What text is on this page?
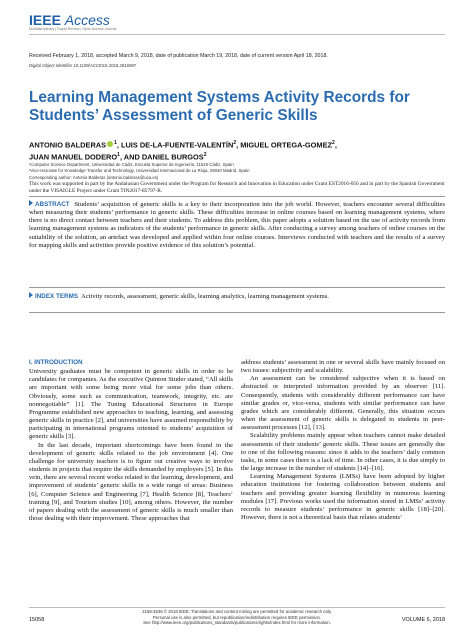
IEEE Access
Multidisciplinary | Rapid Review | Open Access Journal
Received February 1, 2018, accepted March 9, 2018, date of publication March 19, 2018, date of current version April 18, 2018.
Digital Object Identifier 10.1109/ACCESS.2018.2816987
Learning Management Systems Activity Records for Students’ Assessment of Generic Skills
ANTONIO BALDERAS $^1$, LUIS DE-LA-FUENTE-VALENTÍN$^2$, MIGUEL ORTEGA-GOMEZ$^2$,
JUAN MANUEL DODERO$^1$, AND DANIEL BURGOS$^2$
¹Computer Science Department, Universidad de Cádiz, Escuela Superior de Ingeniería, 11519 Cádiz, Spain
²Vice-rectorate for Knowledge Transfer and Technology, Universidad Internacional de La Rioja, 28040 Madrid, Spain
Corresponding author: Antonio Balderas (antonio.balderas@uca.es)
This work was supported in part by the Andalusian Government under the Program for Research and Innovation in Education under Grant EST2016-056 and in part by the Spanish Government under the VISAIGLE Project under Grant TIN2017-85797-R.
ABSTRACT Students’ acquisition of generic skills is a key to their incorporation into the job world. However, teachers encounter several difficulties when measuring their students’ performance in generic skills. These difficulties increase in online courses based on learning management systems, where there is no direct contact between teachers and their students. To address this problem, this paper adopts a solution based on the use of activity records from learning management systems as indicators of the students’ performance in generic skills. After conducting a survey among teachers of online courses on the suitability of the solution, an artefact was developed and applied within four online courses. Interviews conducted with teachers and the results of a survey for mapping skills and activities provide positive evidence of this solution’s potential.
INDEX TERMS Activity records, assessment, generic skills, learning analytics, learning management systems.
I. INTRODUCTION

University graduates must be competent in generic skills in order to be candidates for companies. As the executive Quinton Studer stated, “All skills are important with some being more vital for some jobs than others. Obviously, some such as communication, teamwork, integrity, etc. are nonnegotiable” [1]. The Tuning Educational Structures in Europe Programme established new approaches to teaching, learning, and assessing generic skills in practice [2], and universities have assumed responsibility by participating in international programs oriented to students’ acquisition of generic skills [3].

In the last decade, important shortcomings have been found in the development of generic skills related to the job environment [4]. One challenge for university teachers is to figure out creative ways to involve students in projects that require the skills demanded by employers [5]. In this vein, there are several recent works related to the learning, development, and improvement of students’ generic skills in a wide range of areas: Business [6], Computer Science and Engineering [7], Health Science [8], Teachers’ training [9], and Tourism studies [10], among others. However, the number of papers dealing with the assessment of generic skills is much smaller than those dealing with their improvement. These approaches that

address students’ assessment in one or several skills have mainly focused on two issues: subjectivity and scalability.

An assessment can be considered subjective when it is based on abstracted or interpreted information provided by an observer [11]. Consequently, students with considerably different performance can have similar grades or, vice-versa, students with similar performance can have grades which are considerably different. Generally, this situation occurs when the assessment of generic skills is delegated to students in peer-assessment processes [12], [13].

Scalability problems mainly appear when teachers cannot make detailed assessments of their students’ generic skills. These issues are generally due to one of the following reasons: since it adds to the teachers’ daily common tasks, in some cases there is a lack of time. In other cases, it is due simply to the large increase in the number of students [14]–[16].

Learning Management Systems (LMSs) have been adopted by higher education institutions for fostering collaboration between students and teachers and providing greater learning flexibility in numerous learning modules [17]. Previous works used the information stored in LMSs’ activity records to measure students’ performance in generic skills [18]–[20]. However, there is not a theoretical basis that relates students’

2169-3536 © 2018 IEEE. Translations and content mining are permitted for academic research only.
Personal use is also permitted, but republication/redistribution requires IEEE permission.
See http://www.ieee.org/publications_standards/publications/rights/index.html for more information.
15058	VOLUME 6, 2018
